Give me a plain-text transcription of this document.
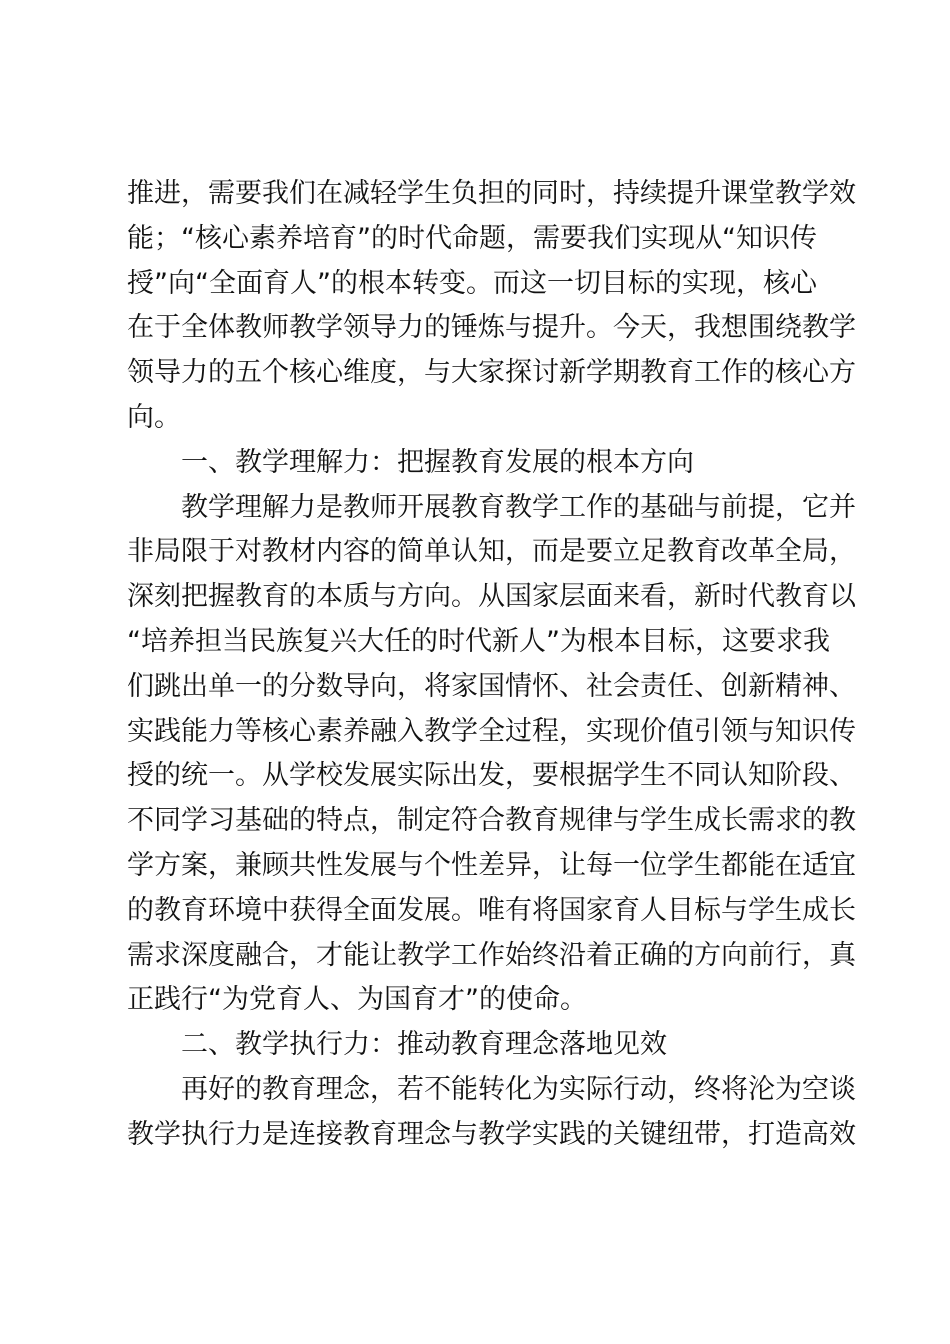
推进，需要我们在减轻学生负担的同时，持续提升课堂教学效
能；“核心素养培育”的时代命题，需要我们实现从“知识传
授”向“全面育人”的根本转变。而这一切目标的实现，核心
在于全体教师教学领导力的锤炼与提升。今天，我想围绕教学
领导力的五个核心维度，与大家探讨新学期教育工作的核心方
向。
一、教学理解力：把握教育发展的根本方向
教学理解力是教师开展教育教学工作的基础与前提，它并
非局限于对教材内容的简单认知，而是要立足教育改革全局，
深刻把握教育的本质与方向。从国家层面来看，新时代教育以
“培养担当民族复兴大任的时代新人”为根本目标，这要求我
们跳出单一的分数导向，将家国情怀、社会责任、创新精神、
实践能力等核心素养融入教学全过程，实现价值引领与知识传
授的统一。从学校发展实际出发，要根据学生不同认知阶段、
不同学习基础的特点，制定符合教育规律与学生成长需求的教
学方案，兼顾共性发展与个性差异，让每一位学生都能在适宜
的教育环境中获得全面发展。唯有将国家育人目标与学生成长
需求深度融合，才能让教学工作始终沿着正确的方向前行，真
正践行“为党育人、为国育才”的使命。
二、教学执行力：推动教育理念落地见效
再好的教育理念，若不能转化为实际行动，终将沦为空谈
教学执行力是连接教育理念与教学实践的关键纽带，打造高效
